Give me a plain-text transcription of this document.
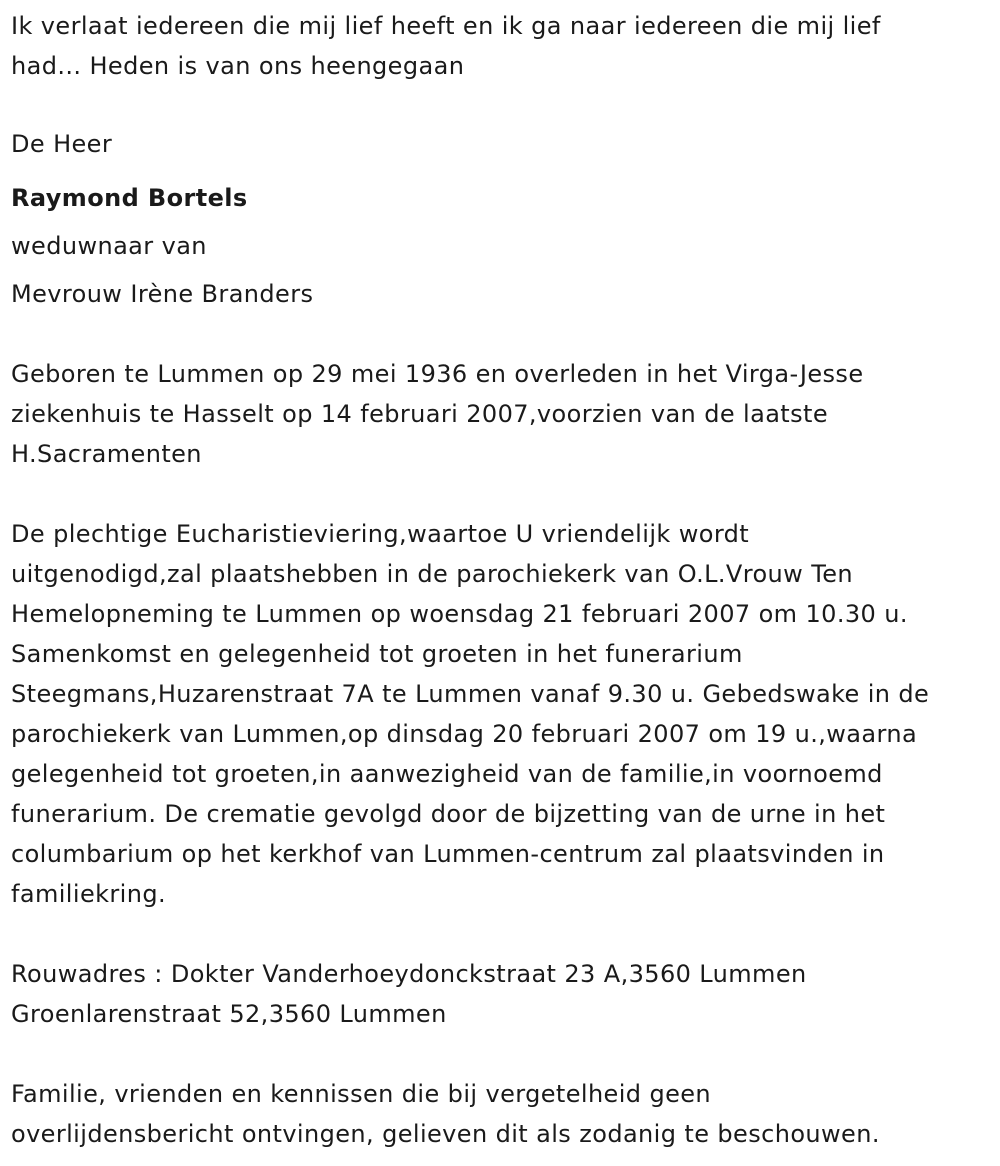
Ik verlaat iedereen die mij lief heeft en ik ga naar iedereen die mij lief
had... Heden is van ons heengegaan

De Heer

Raymond Bortels

weduwnaar van

Mevrouw Irène Branders

Geboren te Lummen op 29 mei 1936 en overleden in het Virga-Jesse
ziekenhuis te Hasselt op 14 februari 2007,voorzien van de laatste
H.Sacramenten

De plechtige Eucharistieviering,waartoe U vriendelijk wordt
uitgenodigd,zal plaatshebben in de parochiekerk van O.L.Vrouw Ten
Hemelopneming te Lummen op woensdag 21 februari 2007 om 10.30 u.
Samenkomst en gelegenheid tot groeten in het funerarium
Steegmans,Huzarenstraat 7A te Lummen vanaf 9.30 u. Gebedswake in de
parochiekerk van Lummen,op dinsdag 20 februari 2007 om 19 u.,waarna
gelegenheid tot groeten,in aanwezigheid van de familie,in voornoemd
funerarium. De crematie gevolgd door de bijzetting van de urne in het
columbarium op het kerkhof van Lummen-centrum zal plaatsvinden in
familiekring.

Rouwadres : Dokter Vanderhoeydonckstraat 23 A,3560 Lummen
Groenlarenstraat 52,3560 Lummen

Familie, vrienden en kennissen die bij vergetelheid geen
overlijdensbericht ontvingen, gelieven dit als zodanig te beschouwen.
